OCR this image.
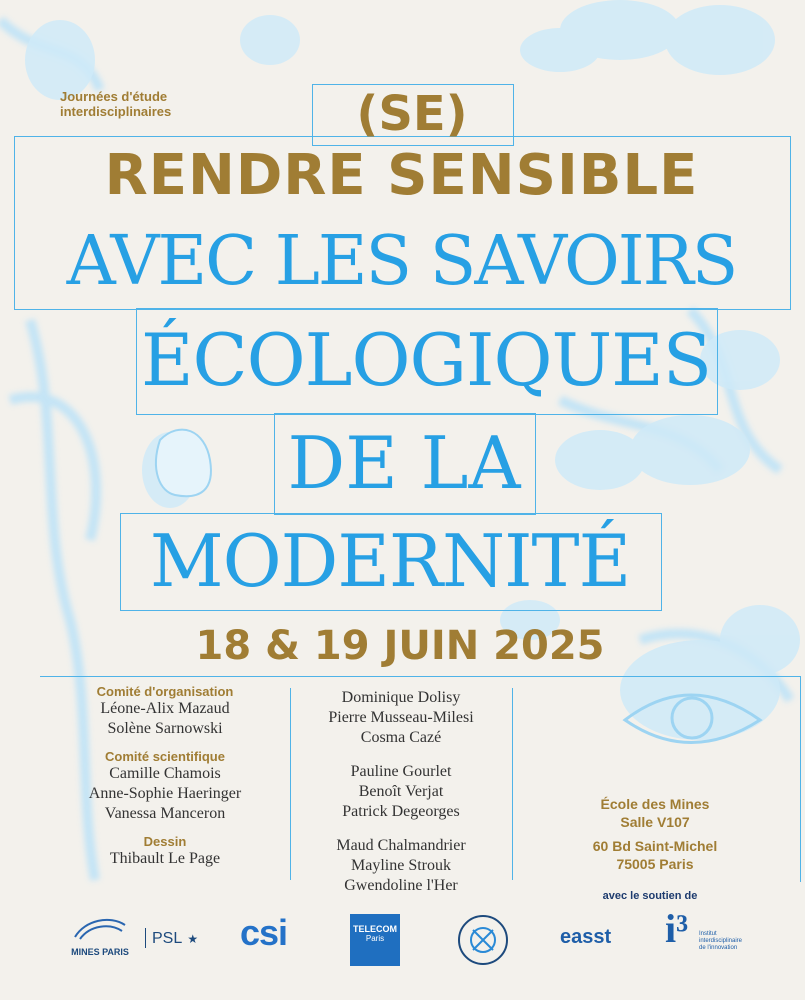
Journées d'étude
interdisciplinaires	(SE)
RENDRE SENSIBLE
AVEC LES SAVOIRS
ÉCOLOGIQUES
DE LA
MODERNITÉ
18 & 19 JUIN 2025
Comité d'organisation
Léone-Alix Mazaud
Solène Sarnowski
Comité scientifique
Camille Chamois
Anne-Sophie Haeringer
Vanessa Manceron
Dessin
Thibault Le Page
Dominique Dolisy
Pierre Musseau-Milesi
Cosma Cazé
Pauline Gourlet
Benoît Verjat
Patrick Degeorges
Maud Chalmandrier
Mayline Strouk
Gwendoline l'Her
École des Mines
Salle V107
60 Bd Saint-Michel
75005 Paris
avec le soutien de
MINES PARIS
PSL ★ csi	TELECOM
Paris	easst i³ Institut
interdisciplinaire
de l'innovation
